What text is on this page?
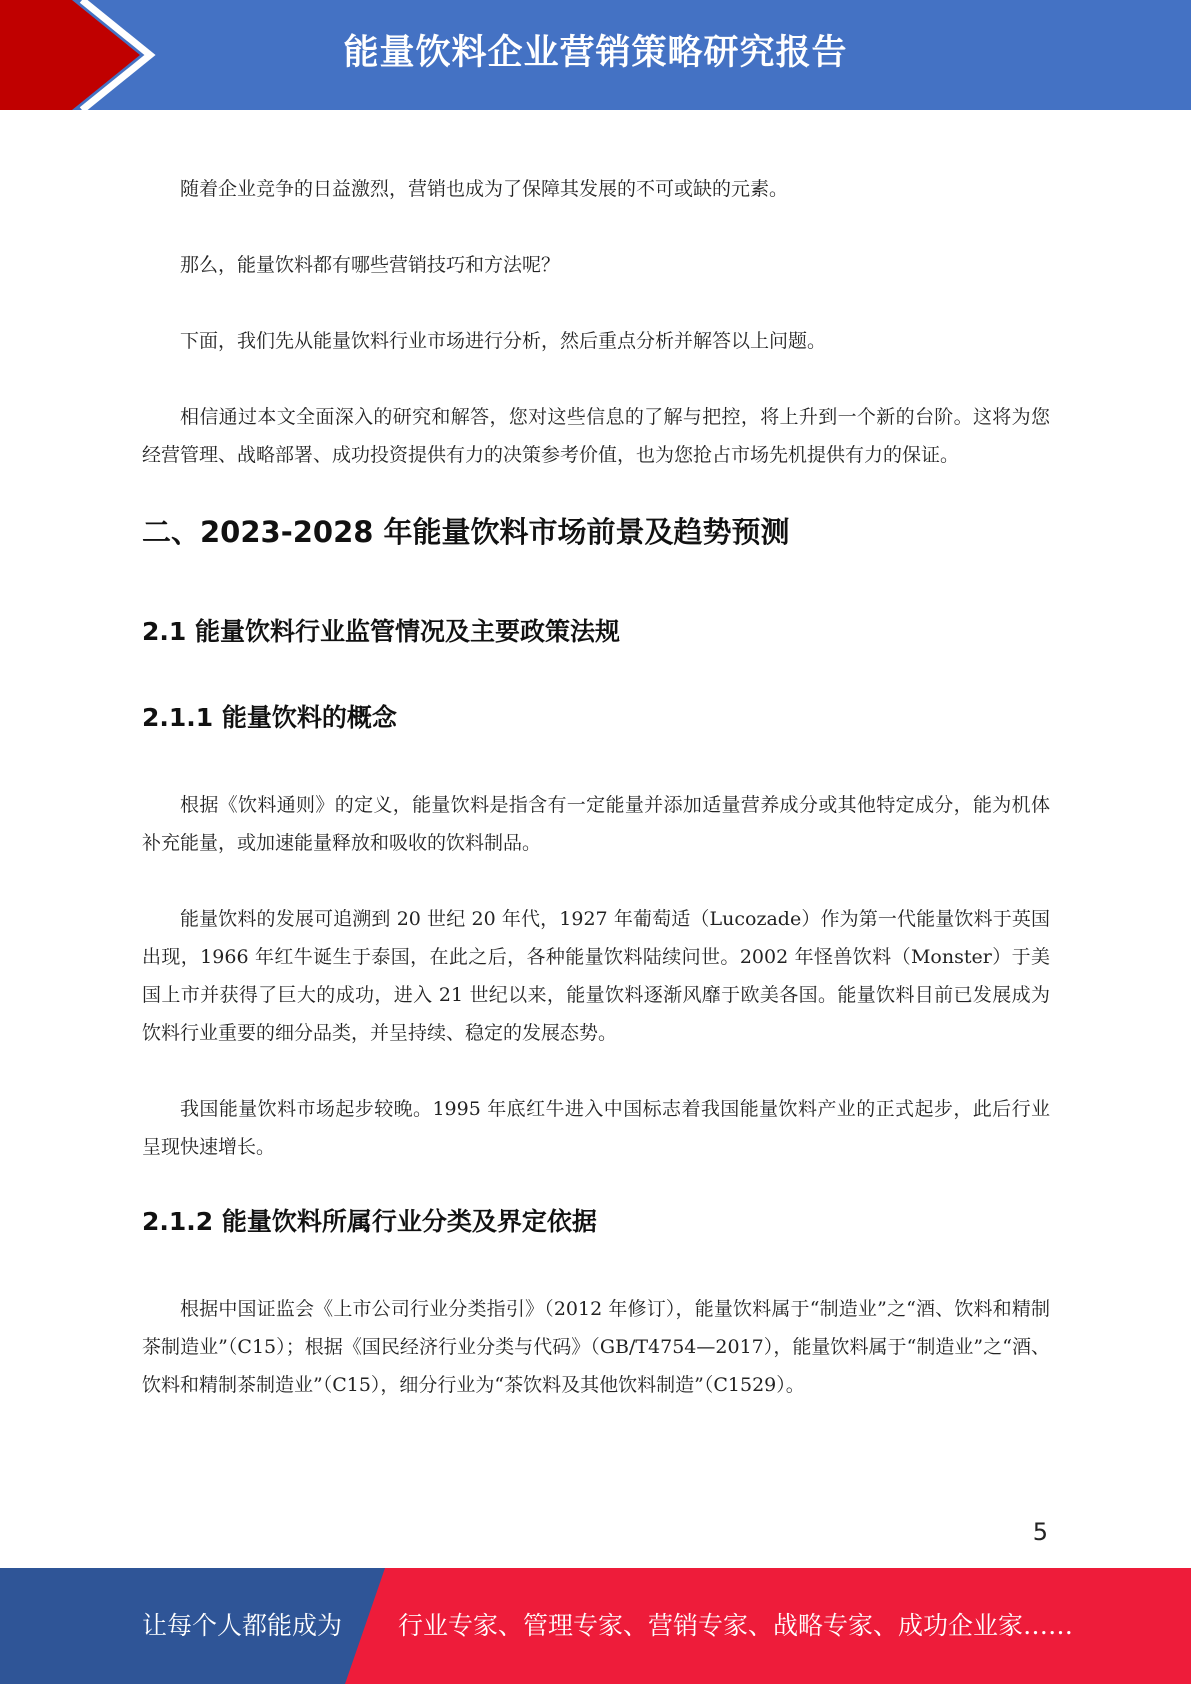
能量饮料企业营销策略研究报告

随着企业竞争的日益激烈，营销也成为了保障其发展的不可或缺的元素。

那么，能量饮料都有哪些营销技巧和方法呢？

下面，我们先从能量饮料行业市场进行分析，然后重点分析并解答以上问题。

相信通过本文全面深入的研究和解答，您对这些信息的了解与把控，将上升到一个新的台阶。这将为您经营管理、战略部署、成功投资提供有力的决策参考价值，也为您抢占市场先机提供有力的保证。

二、2023-2028 年能量饮料市场前景及趋势预测
2.1 能量饮料行业监管情况及主要政策法规
2.1.1 能量饮料的概念

根据《饮料通则》的定义，能量饮料是指含有一定能量并添加适量营养成分或其他特定成分，能为机体补充能量，或加速能量释放和吸收的饮料制品。

能量饮料的发展可追溯到 20 世纪 20 年代，1927 年葡萄适（Lucozade）作为第一代能量饮料于英国出现，1966 年红牛诞生于泰国，在此之后，各种能量饮料陆续问世。2002 年怪兽饮料（Monster）于美国上市并获得了巨大的成功，进入 21 世纪以来，能量饮料逐渐风靡于欧美各国。能量饮料目前已发展成为饮料行业重要的细分品类，并呈持续、稳定的发展态势。

我国能量饮料市场起步较晚。1995 年底红牛进入中国标志着我国能量饮料产业的正式起步，此后行业呈现快速增长。

2.1.2 能量饮料所属行业分类及界定依据

根据中国证监会《上市公司行业分类指引》（2012 年修订），能量饮料属于“制造业”之“酒、饮料和精制茶制造业”（C15）；根据《国民经济行业分类与代码》（GB/T4754—2017），能量饮料属于“制造业”之“酒、饮料和精制茶制造业”（C15），细分行业为“茶饮料及其他饮料制造”（C1529）。

5
让每个人都能成为 行业专家、管理专家、营销专家、战略专家、成功企业家……
